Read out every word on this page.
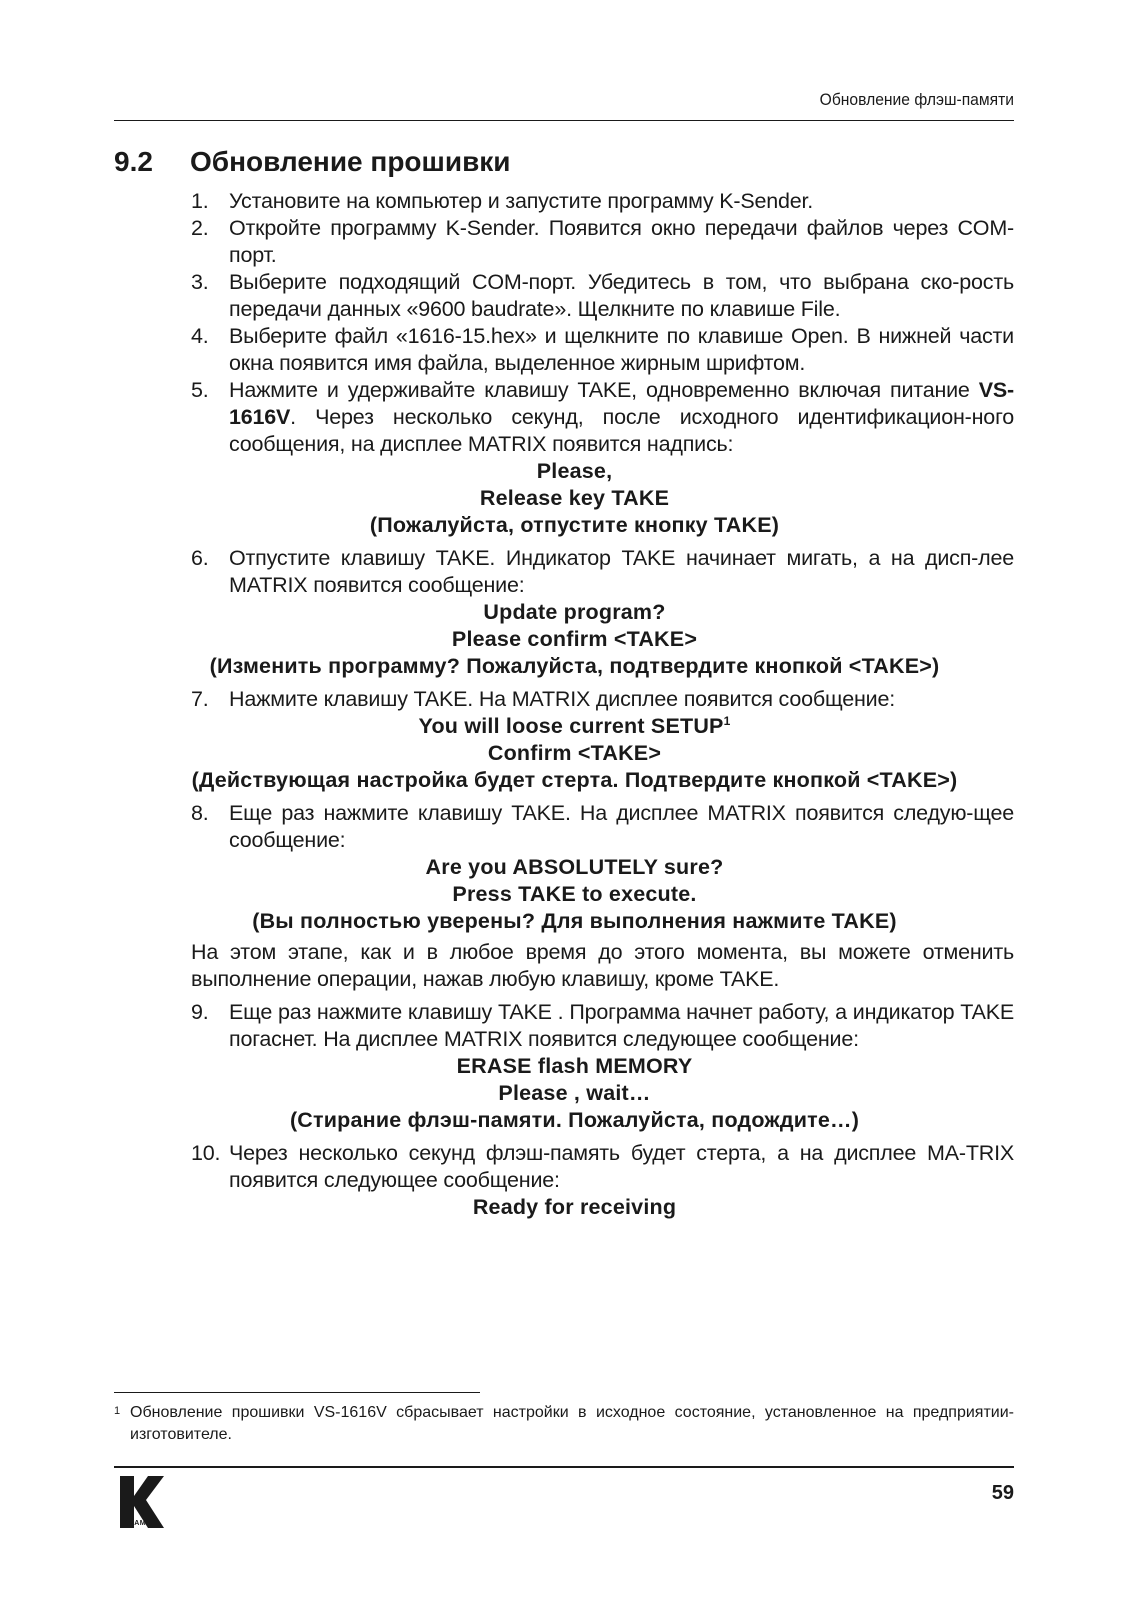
Обновление флэш-памяти
9.2 Обновление прошивки
1. Установите на компьютер и запустите программу K-Sender.
2. Откройте программу K-Sender. Появится окно передачи файлов через COM-порт.
3. Выберите подходящий COM-порт. Убедитесь в том, что выбрана ско-рость передачи данных «9600 baudrate». Щелкните по клавише File.
4. Выберите файл «1616-15.hex» и щелкните по клавише Open. В нижней части окна появится имя файла, выделенное жирным шрифтом.
5. Нажмите и удерживайте клавишу TAKE, одновременно включая питание VS-1616V. Через несколько секунд, после исходного идентификацион-ного сообщения, на дисплее MATRIX появится надпись:
Please,
Release key TAKE
(Пожалуйста, отпустите кнопку TAKE)
6. Отпустите клавишу TAKE. Индикатор TAKE начинает мигать, а на дисп-лее MATRIX появится сообщение:
Update program?
Please confirm <TAKE>
(Изменить программу? Пожалуйста, подтвердите кнопкой <TAKE>)
7. Нажмите клавишу TAKE. На MATRIX дисплее появится сообщение:
You will loose current SETUP$^1$
Confirm <TAKE>
(Действующая настройка будет стерта. Подтвердите кнопкой <TAKE>)
8. Еще раз нажмите клавишу TAKE. На дисплее MATRIX появится следую-щее сообщение:
Are you ABSOLUTELY sure?
Press TAKE to execute.
(Вы полностью уверены? Для выполнения нажмите TAKE)
На этом этапе, как и в любое время до этого момента, вы можете отменить выполнение операции, нажав любую клавишу, кроме TAKE.
9. Еще раз нажмите клавишу TAKE . Программа начнет работу, а индикатор TAKE погаснет. На дисплее MATRIX появится следующее сообщение:
ERASE flash MEMORY
Please , wait…
(Стирание флэш-памяти. Пожалуйста, подождите…)
10. Через несколько секунд флэш-память будет стерта, а на дисплее MA-TRIX появится следующее сообщение:
Ready for receiving
1 Обновление прошивки VS-1616V сбрасывает настройки в исходное состояние, установленное на предприятии-изготовителе.
KRAMER
59
